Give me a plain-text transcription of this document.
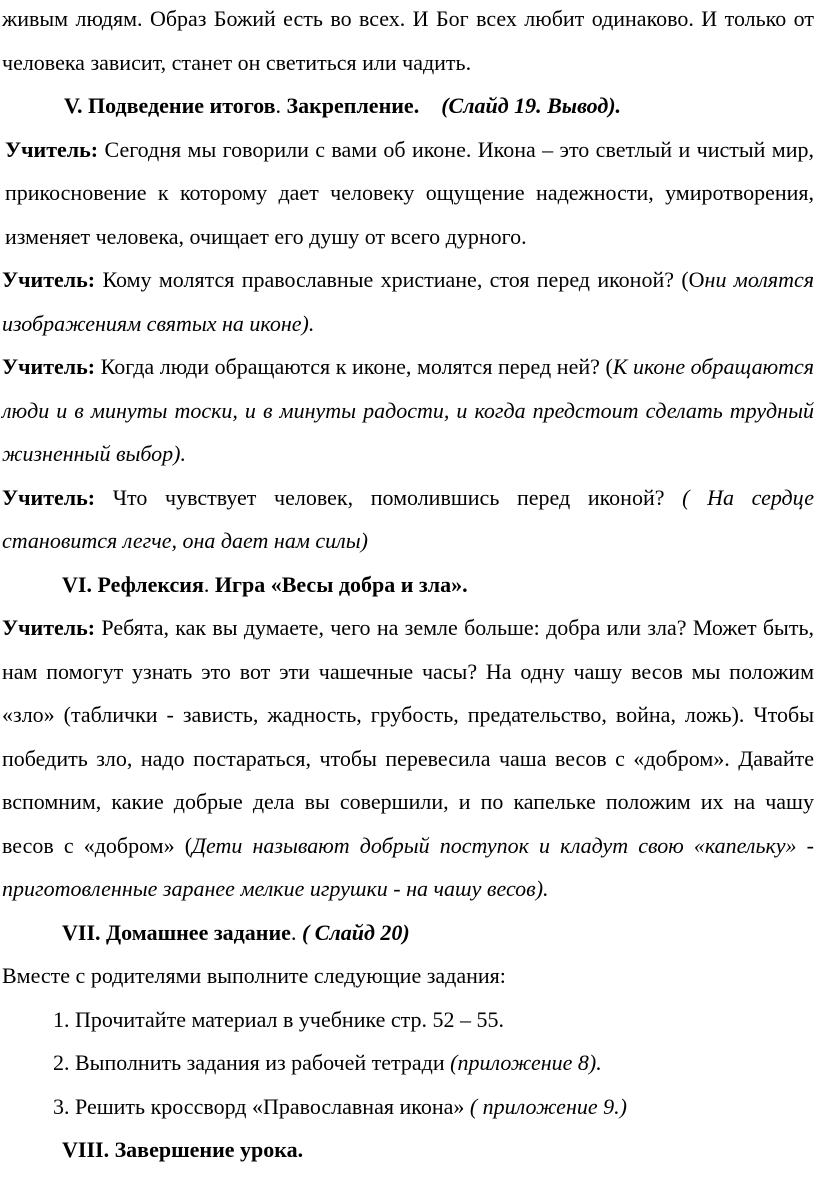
живым людям. Образ Божий есть во всех. И Бог всех любит одинаково. И только от человека зависит, станет он светиться или чадить.

V. Подведение итогов. Закрепление. (Слайд 19. Вывод).

Учитель: Сегодня мы говорили с вами об иконе. Икона – это светлый и чистый мир, прикосновение к которому дает человеку ощущение надежности, умиротворения, изменяет человека, очищает его душу от всего дурного.

Учитель: Кому молятся православные христиане, стоя перед иконой? (Они молятся изображениям святых на иконе).

Учитель: Когда люди обращаются к иконе, молятся перед ней? (К иконе обращаются люди и в минуты тоски, и в минуты радости, и когда предстоит сделать трудный жизненный выбор).

Учитель: Что чувствует человек, помолившись перед иконой? ( На сердце становится легче, она дает нам силы)

VI. Рефлексия. Игра «Весы добра и зла».

Учитель: Ребята, как вы думаете, чего на земле больше: добра или зла? Может быть, нам помогут узнать это вот эти чашечные часы? На одну чашу весов мы положим «зло» (таблички - зависть, жадность, грубость, предательство, война, ложь). Чтобы победить зло, надо постараться, чтобы перевесила чаша весов с «добром». Давайте вспомним, какие добрые дела вы совершили, и по капельке положим их на чашу весов с «добром» (Дети называют добрый поступок и кладут свою «капельку» - приготовленные заранее мелкие игрушки - на чашу весов).

VII. Домашнее задание. ( Слайд 20)

Вместе с родителями выполните следующие задания:

1. Прочитайте материал в учебнике стр. 52 – 55.

2. Выполнить задания из рабочей тетради (приложение 8).

3. Решить кроссворд «Православная икона» ( приложение 9.)

VIII. Завершение урока.
